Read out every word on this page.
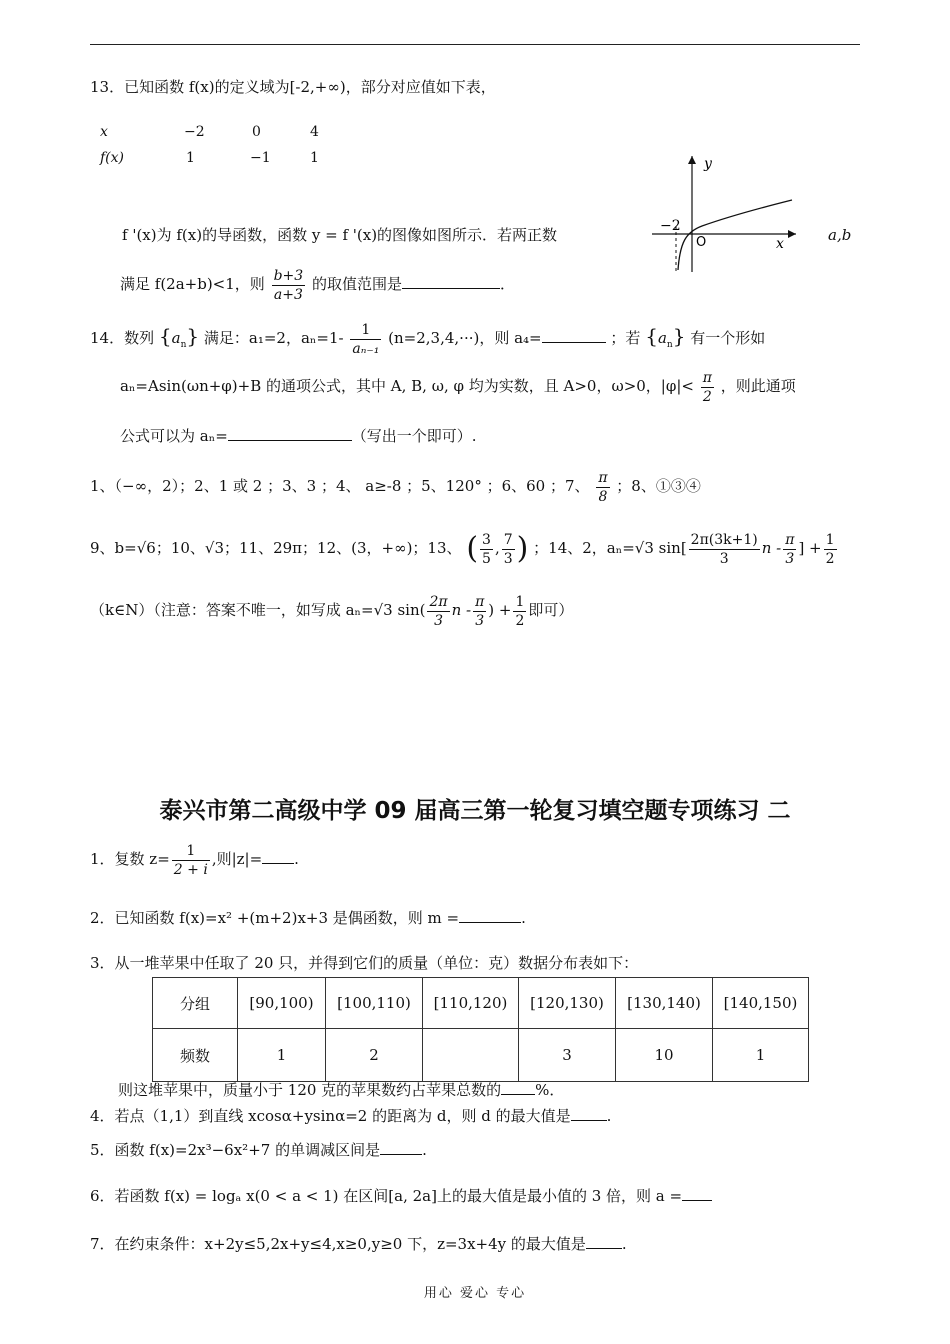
13．已知函数 f(x)的定义域为[-2,+∞)，部分对应值如下表，
x	−2	0	4
f(x)	1	−1	1	y
x
O
−2
f '(x)为 f(x)的导函数，函数 y = f '(x)的图像如图所示．若两正数	a,b
满足 f(2a+b)<1，则 $\frac{b+3}{a+3}$ 的取值范围是	．
14．数列 $\{a_n\}$ 满足：a₁=2，$a_n=1- \frac{1}{\text{aₙ₋₁}} (n=2,3,4,\cdot\cdot\cdot)$，则 a₄=	；若 $\{a_n\}$ 有一个形如
aₙ=Asin(ωn+φ)+B 的通项公式，其中 A, B, ω, φ 均为实数，且 A>0，ω>0，$|\varphi|< \frac{\pi}{2}$ ，则此通项
公式可以为 aₙ=	（写出一个即可）.
1、（−∞，2）；2、1 或 2 ；3、3 ；4、 a≥-8 ；5、120° ；6、60 ；7、 $\frac{\pi}{8}$ ；8、①③④
9、b=√6；10、√3；11、29π；12、(3，+∞)；13、 ( $\frac{3}{5}$ , $\frac{7}{3}$ ) ；14、2，aₙ=√3 $\sin[ \frac{2\pi(3k+1)}{3}$ n - $\frac{\pi}{3}$ ] + $\frac{1}{2}$
（k∈N）（注意：答案不唯一，如写成 aₙ=√3 $\sin( \frac{2\pi}{3}$ n - $\frac{\pi}{3}$ ) + $\frac{1}{2}$ 即可）
泰兴市第二高级中学 09 届高三第一轮复习填空题专项练习 二
1．复数 $z= \frac{1}{2 + i}$ ,则|z|= .
2．已知函数 f(x)=x² +(m+2)x+3 是偶函数，则 m =	.
3．从一堆苹果中任取了 20 只，并得到它们的质量（单位：克）数据分布表如下：
分组	[90,100)	[100,110)	[110,120)	[120,130)	[130,140)	[140,150)
频数	1	2		3	10	1
则这堆苹果中，质量小于 120 克的苹果数约占苹果总数的 %．
4．若点（1,1）到直线 xcosα+ysinα=2 的距离为 d，则 d 的最大值是 .
5．函数 f(x)=2x³−6x²+7 的单调减区间是	.
6．若函数 f(x) = logₐ x(0 < a < 1) 在区间[a, 2a]上的最大值是最小值的 3 倍，则 a =
7．在约束条件：x+2y≤5,2x+y≤4,x≥0,y≥0 下，z=3x+4y 的最大值是 .
用心 爱心 专心
